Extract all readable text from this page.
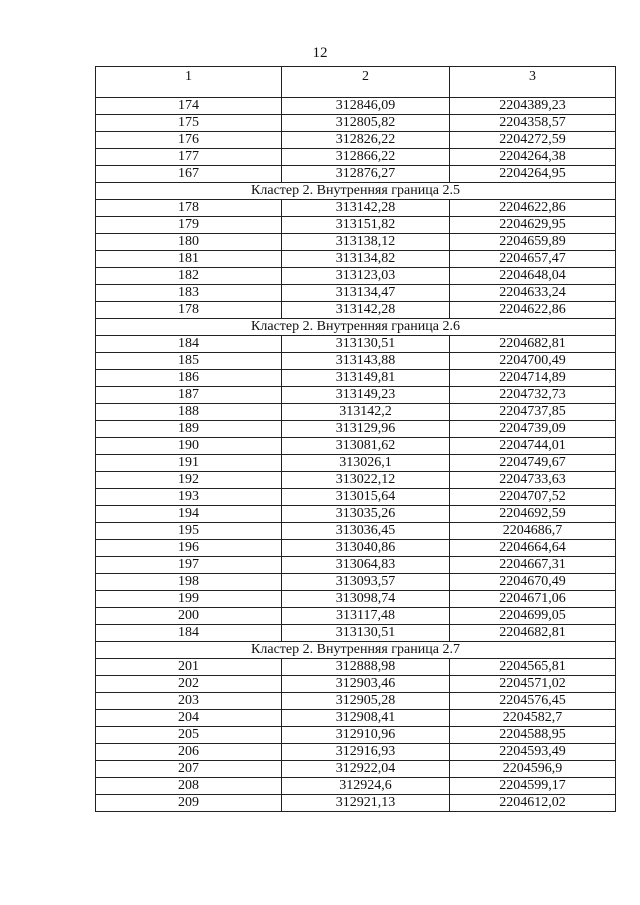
12
1	2	3
174	312846,09	2204389,23
175	312805,82	2204358,57
176	312826,22	2204272,59
177	312866,22	2204264,38
167	312876,27	2204264,95
Кластер 2. Внутренняя граница 2.5		
178	313142,28	2204622,86
179	313151,82	2204629,95
180	313138,12	2204659,89
181	313134,82	2204657,47
182	313123,03	2204648,04
183	313134,47	2204633,24
178	313142,28	2204622,86
Кластер 2. Внутренняя граница 2.6		
184	313130,51	2204682,81
185	313143,88	2204700,49
186	313149,81	2204714,89
187	313149,23	2204732,73
188	313142,2	2204737,85
189	313129,96	2204739,09
190	313081,62	2204744,01
191	313026,1	2204749,67
192	313022,12	2204733,63
193	313015,64	2204707,52
194	313035,26	2204692,59
195	313036,45	2204686,7
196	313040,86	2204664,64
197	313064,83	2204667,31
198	313093,57	2204670,49
199	313098,74	2204671,06
200	313117,48	2204699,05
184	313130,51	2204682,81
Кластер 2. Внутренняя граница 2.7		
201	312888,98	2204565,81
202	312903,46	2204571,02
203	312905,28	2204576,45
204	312908,41	2204582,7
205	312910,96	2204588,95
206	312916,93	2204593,49
207	312922,04	2204596,9
208	312924,6	2204599,17
209	312921,13	2204612,02
